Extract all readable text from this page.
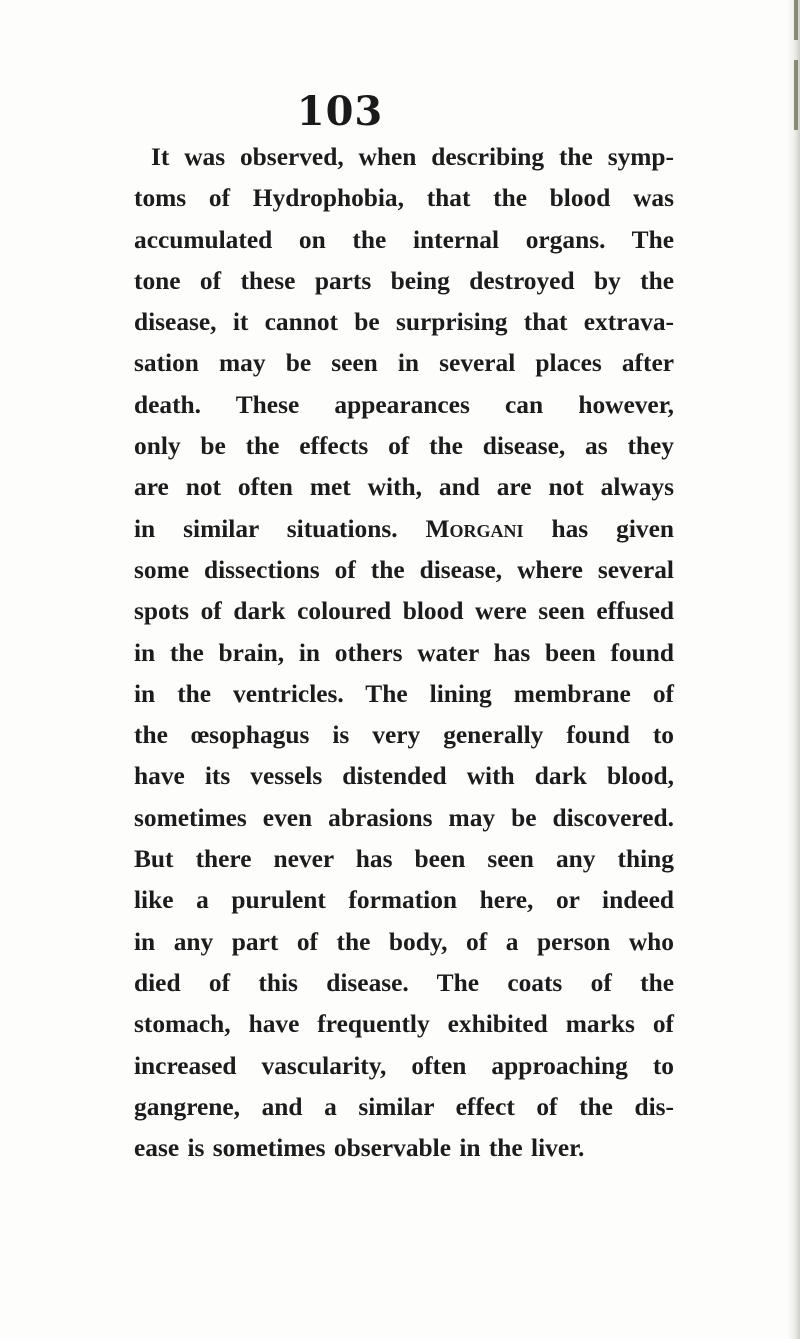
103
It was observed, when describing the symp-
toms of Hydrophobia, that the blood was
accumulated on the internal organs. The
tone of these parts being destroyed by the
disease, it cannot be surprising that extrava-
sation may be seen in several places after
death. These appearances can however,
only be the effects of the disease, as they
are not often met with, and are not always
in similar situations. Morgani has given
some dissections of the disease, where several
spots of dark coloured blood were seen effused
in the brain, in others water has been found
in the ventricles. The lining membrane of
the œsophagus is very generally found to
have its vessels distended with dark blood,
sometimes even abrasions may be discovered.
But there never has been seen any thing
like a purulent formation here, or indeed
in any part of the body, of a person who
died of this disease. The coats of the
stomach, have frequently exhibited marks of
increased vascularity, often approaching to
gangrene, and a similar effect of the dis-
ease is sometimes observable in the liver.
